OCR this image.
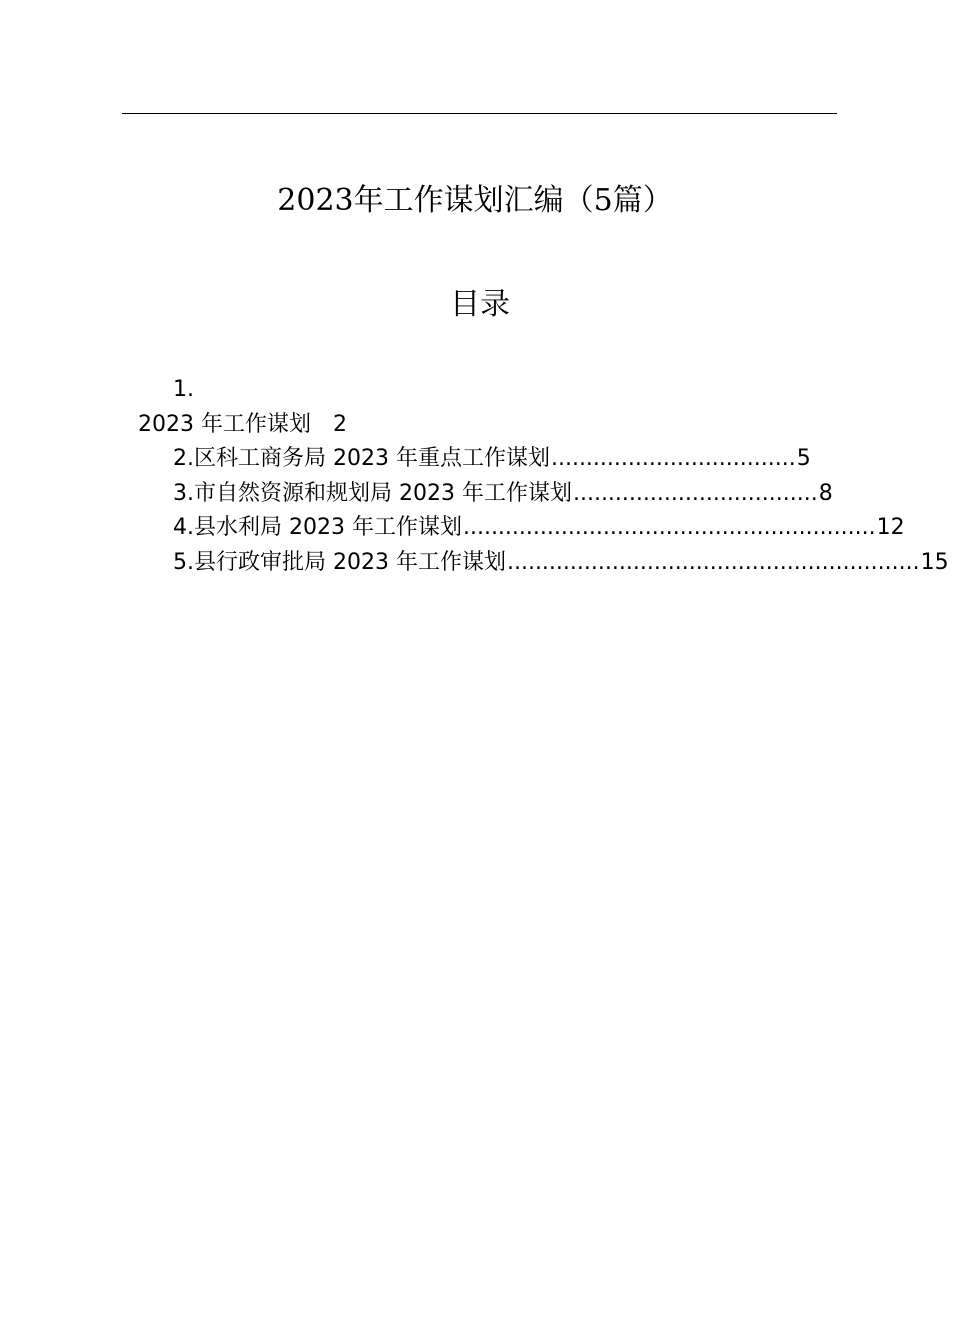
2023年工作谋划汇编（5篇）
目录
1.
2023 年工作谋划 2
2.区科工商务局 2023 年重点工作谋划 ................................... 5
3.市自然资源和规划局 2023 年工作谋划 ................................... 8
4.县水利局 2023 年工作谋划 ........................................................... 12
5.县行政审批局 2023 年工作谋划 ........................................................... 15
